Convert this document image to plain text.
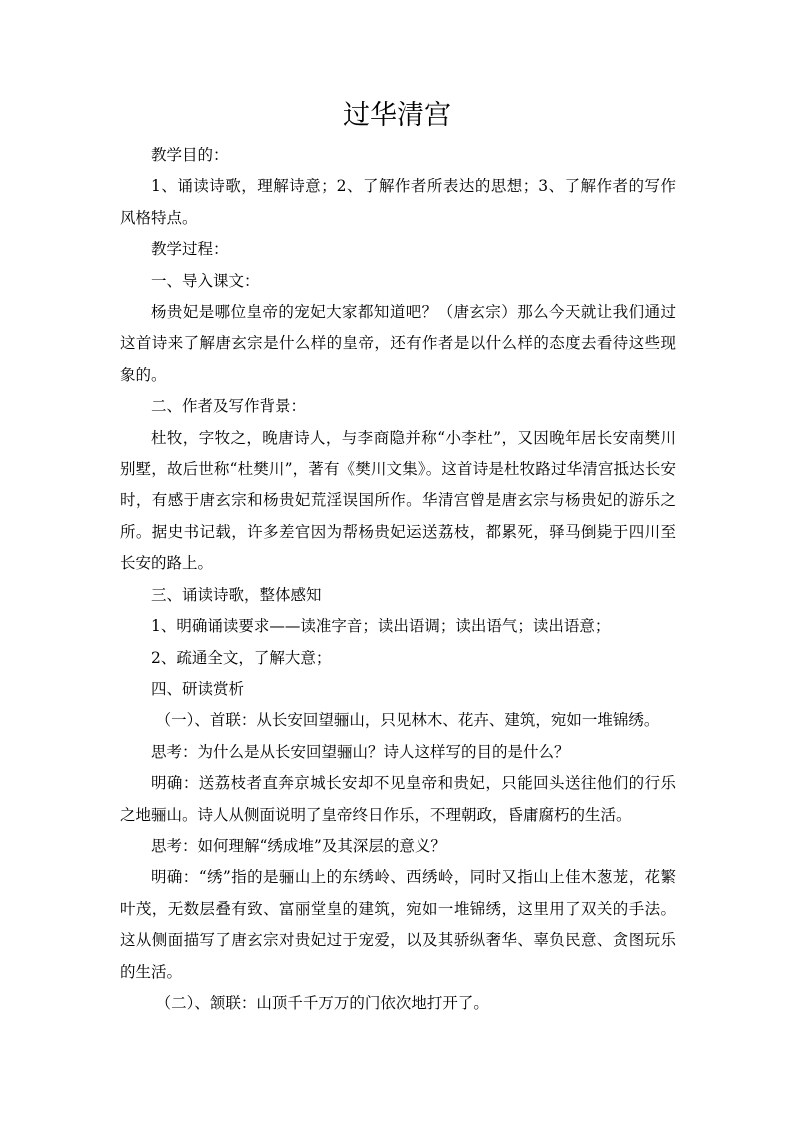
过华清宫

教学目的：

1、诵读诗歌，理解诗意；2、了解作者所表达的思想；3、了解作者的写作风格特点。

教学过程：

一、导入课文：

杨贵妃是哪位皇帝的宠妃大家都知道吧？（唐玄宗）那么今天就让我们通过这首诗来了解唐玄宗是什么样的皇帝，还有作者是以什么样的态度去看待这些现象的。

二、作者及写作背景：

杜牧，字牧之，晚唐诗人，与李商隐并称“小李杜”，又因晚年居长安南樊川别墅，故后世称“杜樊川”，著有《樊川文集》。这首诗是杜牧路过华清宫抵达长安时，有感于唐玄宗和杨贵妃荒淫误国所作。华清宫曾是唐玄宗与杨贵妃的游乐之所。据史书记载，许多差官因为帮杨贵妃运送荔枝，都累死，驿马倒毙于四川至长安的路上。

三、诵读诗歌，整体感知

1、明确诵读要求——读准字音；读出语调；读出语气；读出语意；

2、疏通全文，了解大意；

四、研读赏析

（一）、首联：从长安回望骊山，只见林木、花卉、建筑，宛如一堆锦绣。

思考：为什么是从长安回望骊山？诗人这样写的目的是什么？

明确：送荔枝者直奔京城长安却不见皇帝和贵妃，只能回头送往他们的行乐之地骊山。诗人从侧面说明了皇帝终日作乐，不理朝政，昏庸腐朽的生活。

思考：如何理解“绣成堆”及其深层的意义？

明确：“绣”指的是骊山上的东绣岭、西绣岭，同时又指山上佳木葱茏，花繁叶茂，无数层叠有致、富丽堂皇的建筑，宛如一堆锦绣，这里用了双关的手法。这从侧面描写了唐玄宗对贵妃过于宠爱，以及其骄纵奢华、辜负民意、贪图玩乐的生活。

（二）、颔联：山顶千千万万的门依次地打开了。
